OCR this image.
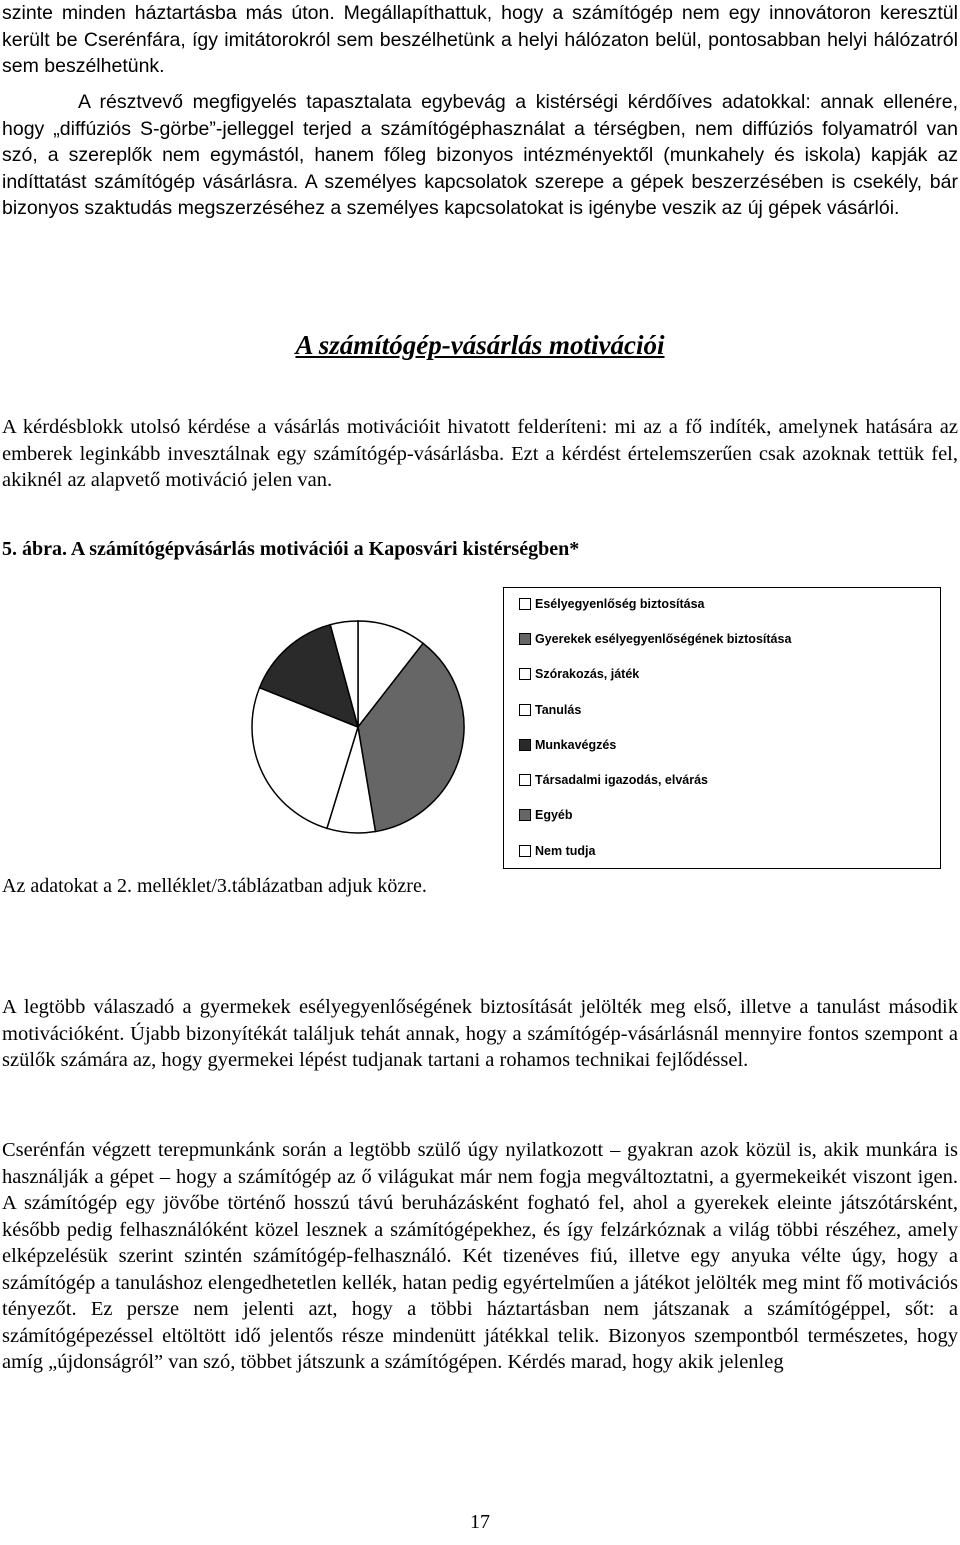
szinte minden háztartásba más úton. Megállapíthattuk, hogy a számítógép nem egy innovátoron keresztül került be Cserénfára, így imitátorokról sem beszélhetünk a helyi hálózaton belül, pontosabban helyi hálózatról sem beszélhetünk.

A résztvevő megfigyelés tapasztalata egybevág a kistérségi kérdőíves adatokkal: annak ellenére, hogy „diffúziós S-görbe”-jelleggel terjed a számítógéphasználat a térségben, nem diffúziós folyamatról van szó, a szereplők nem egymástól, hanem főleg bizonyos intézményektől (munkahely és iskola) kapják az indíttatást számítógép vásárlásra. A személyes kapcsolatok szerepe a gépek beszerzésében is csekély, bár bizonyos szaktudás megszerzéséhez a személyes kapcsolatokat is igénybe veszik az új gépek vásárlói.

A számítógép-vásárlás motivációi

A kérdésblokk utolsó kérdése a vásárlás motivációit hivatott felderíteni: mi az a fő indíték, amelynek hatására az emberek leginkább invesztálnak egy számítógép-vásárlásba. Ezt a kérdést értelemszerűen csak azoknak tettük fel, akiknél az alapvető motiváció jelen van.

5. ábra. A számítógépvásárlás motivációi a Kaposvári kistérségben*
Esélyegyenlőség biztosítása
Gyerekek esélyegyenlőségének biztosítása
Szórakozás, játék
Tanulás
Munkavégzés
Társadalmi igazodás, elvárás
Egyéb
Nem tudja
Az adatokat a 2. melléklet/3.táblázatban adjuk közre.

A legtöbb válaszadó a gyermekek esélyegyenlőségének biztosítását jelölték meg első, illetve a tanulást második motivációként. Újabb bizonyítékát találjuk tehát annak, hogy a számítógép-vásárlásnál mennyire fontos szempont a szülők számára az, hogy gyermekei lépést tudjanak tartani a rohamos technikai fejlődéssel.

Cserénfán végzett terepmunkánk során a legtöbb szülő úgy nyilatkozott – gyakran azok közül is, akik munkára is használják a gépet – hogy a számítógép az ő világukat már nem fogja megváltoztatni, a gyermekeikét viszont igen. A számítógép egy jövőbe történő hosszú távú beruházásként fogható fel, ahol a gyerekek eleinte játszótársként, később pedig felhasználóként közel lesznek a számítógépekhez, és így felzárkóznak a világ többi részéhez, amely elképzelésük szerint szintén számítógép-felhasználó. Két tizenéves fiú, illetve egy anyuka vélte úgy, hogy a számítógép a tanuláshoz elengedhetetlen kellék, hatan pedig egyértelműen a játékot jelölték meg mint fő motivációs tényezőt. Ez persze nem jelenti azt, hogy a többi háztartásban nem játszanak a számítógéppel, sőt: a számítógépezéssel eltöltött idő jelentős része mindenütt játékkal telik. Bizonyos szempontból természetes, hogy amíg „újdonságról” van szó, többet játszunk a számítógépen. Kérdés marad, hogy akik jelenleg

17
